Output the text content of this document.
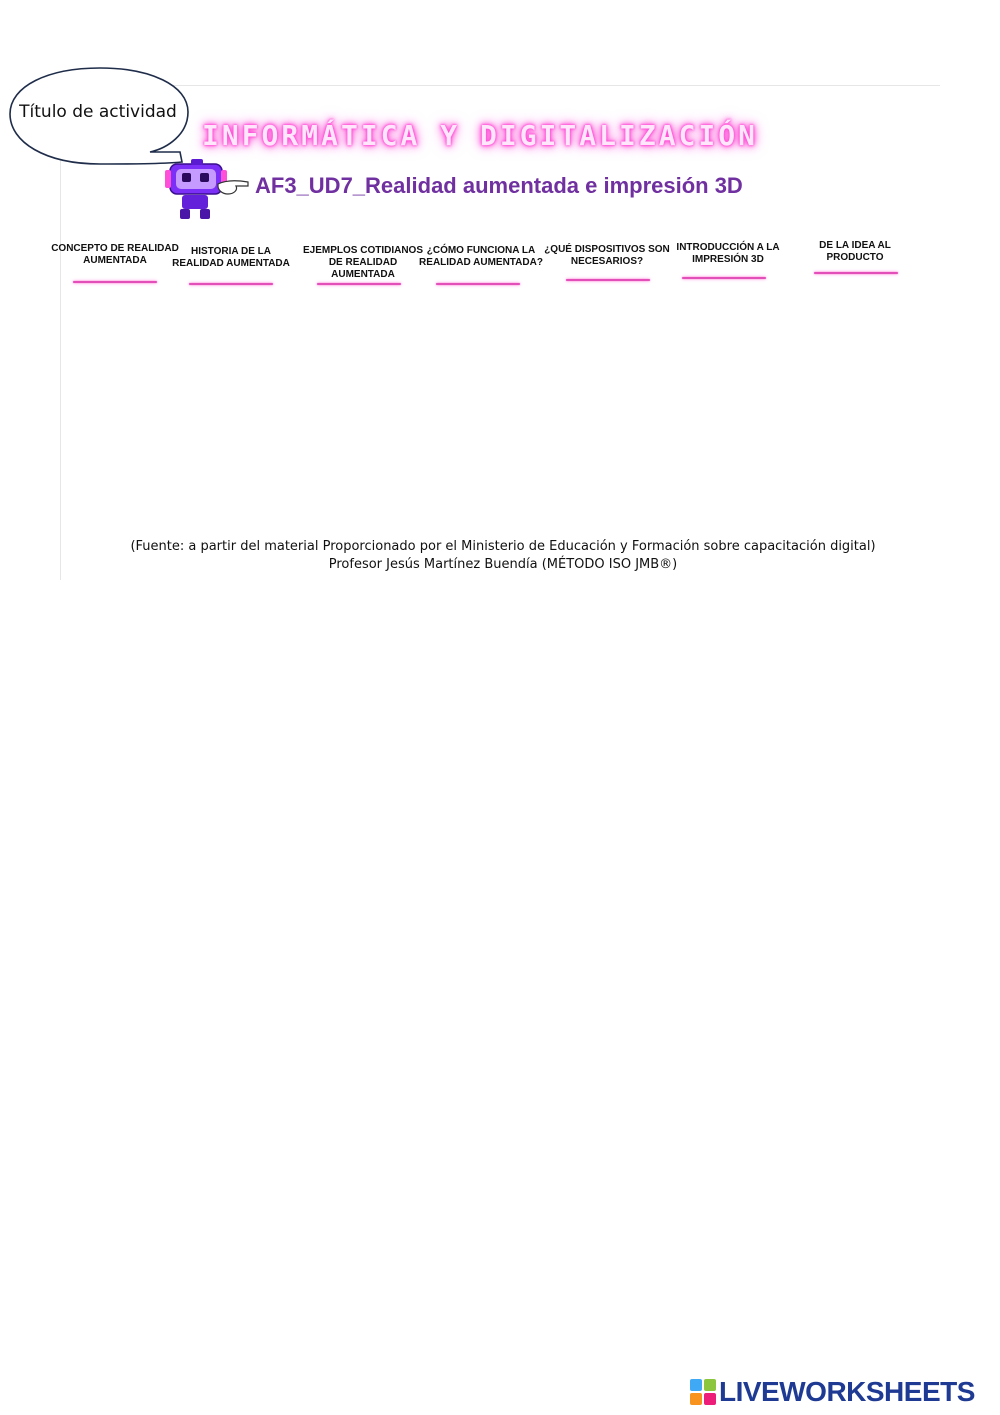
Título de actividad
INFORMÁTICA Y DIGITALIZACIÓN
AF3_UD7_Realidad aumentada e impresión 3D
CONCEPTO DE REALIDAD AUMENTADA
HISTORIA DE LA REALIDAD AUMENTADA
EJEMPLOS COTIDIANOS DE REALIDAD AUMENTADA
¿CÓMO FUNCIONA LA REALIDAD AUMENTADA?
¿QUÉ DISPOSITIVOS SON NECESARIOS?
INTRODUCCIÓN A LA IMPRESIÓN 3D
DE LA IDEA AL PRODUCTO
(Fuente: a partir del material Proporcionado por el Ministerio de Educación y Formación sobre capacitación digital)
Profesor Jesús Martínez Buendía (MÉTODO ISO JMB®)
LIVEWORKSHEETS
